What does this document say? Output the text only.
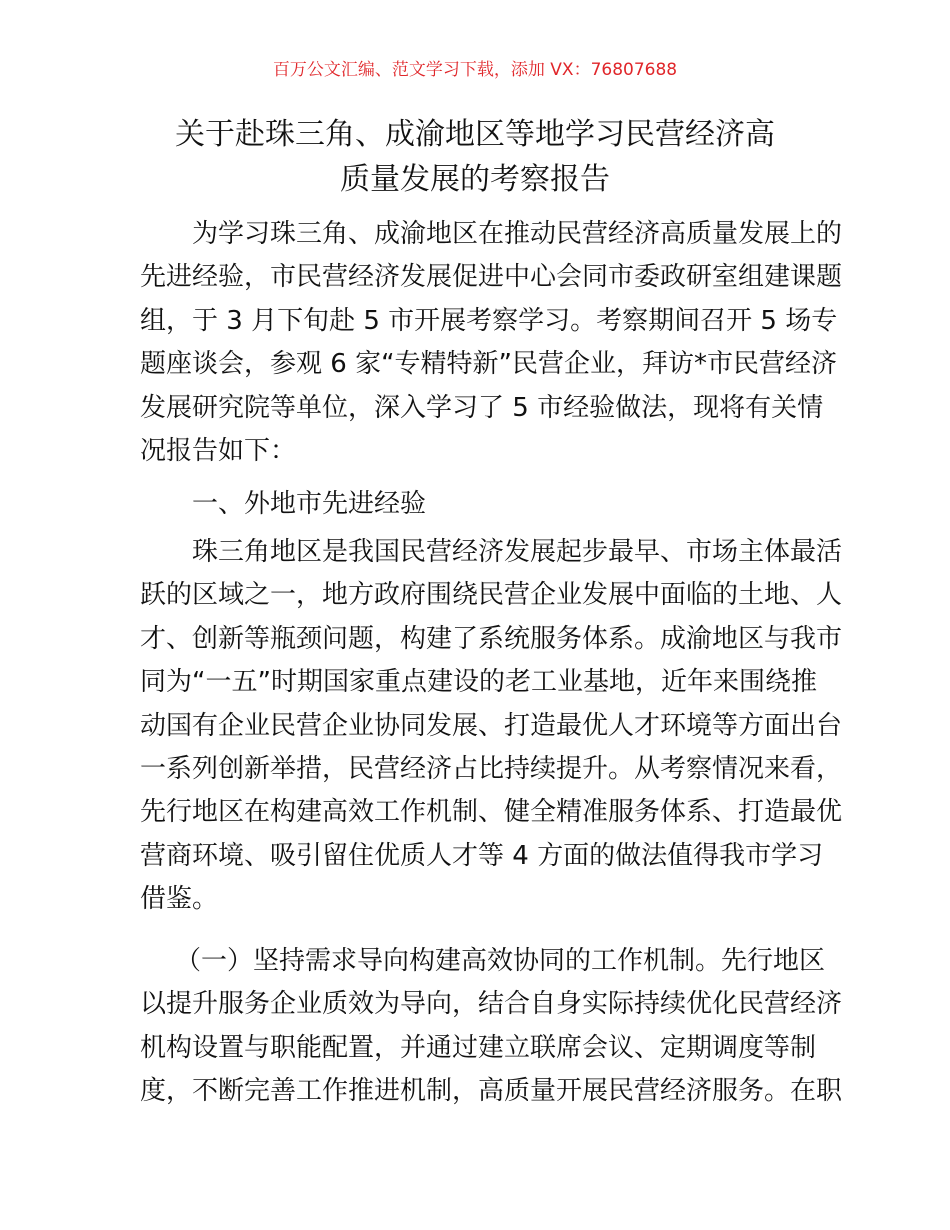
百万公文汇编、范文学习下载，添加 VX：76807688
关于赴珠三角、成渝地区等地学习民营经济高
质量发展的考察报告
为学习珠三角、成渝地区在推动民营经济高质量发展上的
先进经验，市民营经济发展促进中心会同市委政研室组建课题
组，于 3 月下旬赴 5 市开展考察学习。考察期间召开 5 场专
题座谈会，参观 6 家“专精特新”民营企业，拜访*市民营经济
发展研究院等单位，深入学习了 5 市经验做法，现将有关情
况报告如下：
一、外地市先进经验
珠三角地区是我国民营经济发展起步最早、市场主体最活
跃的区域之一，地方政府围绕民营企业发展中面临的土地、人
才、创新等瓶颈问题，构建了系统服务体系。成渝地区与我市
同为“一五”时期国家重点建设的老工业基地，近年来围绕推
动国有企业民营企业协同发展、打造最优人才环境等方面出台
一系列创新举措，民营经济占比持续提升。从考察情况来看，
先行地区在构建高效工作机制、健全精准服务体系、打造最优
营商环境、吸引留住优质人才等 4 方面的做法值得我市学习
借鉴。
（一）坚持需求导向构建高效协同的工作机制。先行地区
以提升服务企业质效为导向，结合自身实际持续优化民营经济
机构设置与职能配置，并通过建立联席会议、定期调度等制
度，不断完善工作推进机制，高质量开展民营经济服务。在职
